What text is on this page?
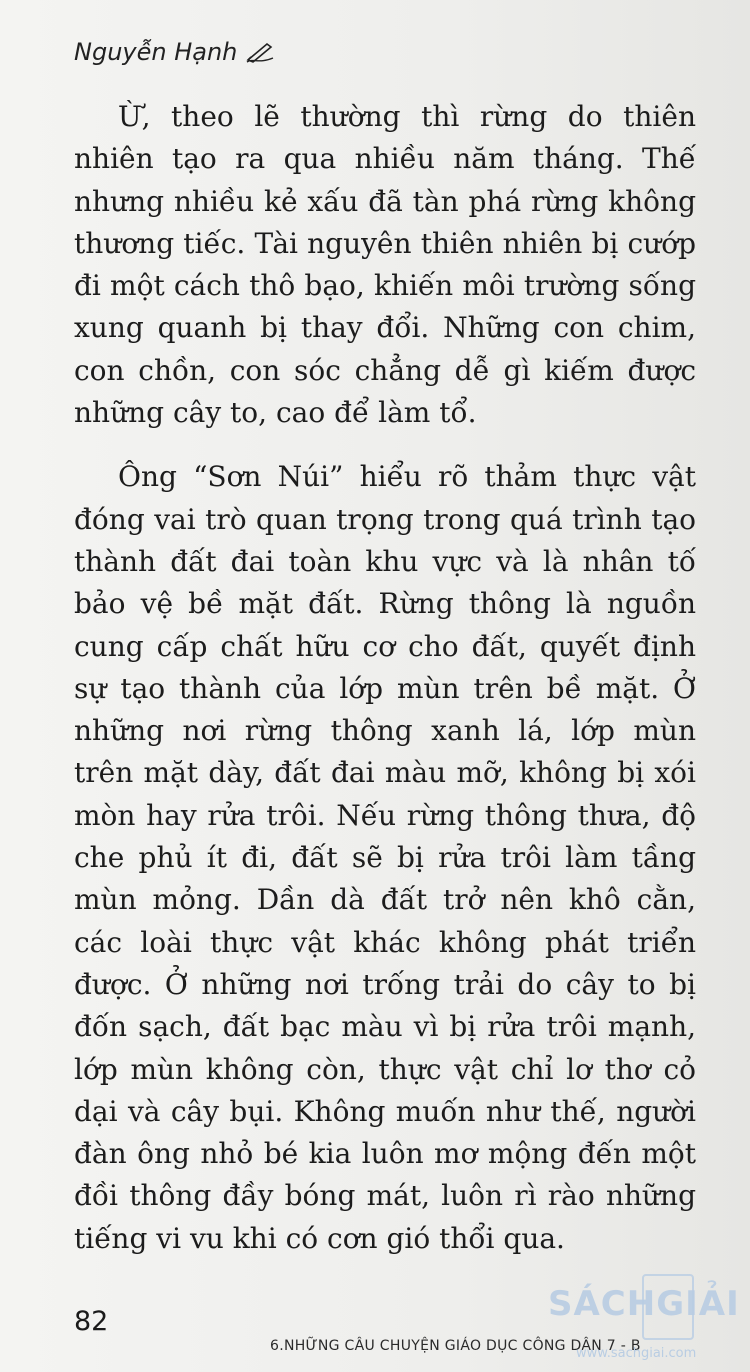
Nguyễn Hạnh

Ừ, theo lẽ thường thì rừng do thiên nhiên tạo ra qua nhiều năm tháng. Thế nhưng nhiều kẻ xấu đã tàn phá rừng không thương tiếc. Tài nguyên thiên nhiên bị cướp đi một cách thô bạo, khiến môi trường sống xung quanh bị thay đổi. Những con chim, con chồn, con sóc chẳng dễ gì kiếm được những cây to, cao để làm tổ.

Ông “Sơn Núi” hiểu rõ thảm thực vật đóng vai trò quan trọng trong quá trình tạo thành đất đai toàn khu vực và là nhân tố bảo vệ bề mặt đất. Rừng thông là nguồn cung cấp chất hữu cơ cho đất, quyết định sự tạo thành của lớp mùn trên bề mặt. Ở những nơi rừng thông xanh lá, lớp mùn trên mặt dày, đất đai màu mỡ, không bị xói mòn hay rửa trôi. Nếu rừng thông thưa, độ che phủ ít đi, đất sẽ bị rửa trôi làm tầng mùn mỏng. Dần dà đất trở nên khô cằn, các loài thực vật khác không phát triển được. Ở những nơi trống trải do cây to bị đốn sạch, đất bạc màu vì bị rửa trôi mạnh, lớp mùn không còn, thực vật chỉ lơ thơ cỏ dại và cây bụi. Không muốn như thế, người đàn ông nhỏ bé kia luôn mơ mộng đến một đồi thông đầy bóng mát, luôn rì rào những tiếng vi vu khi có cơn gió thổi qua.

82
6.NHỮNG CÂU CHUYỆN GIÁO DỤC CÔNG DÂN 7 - B
SÁCHGIẢI
www.sachgiai.com
